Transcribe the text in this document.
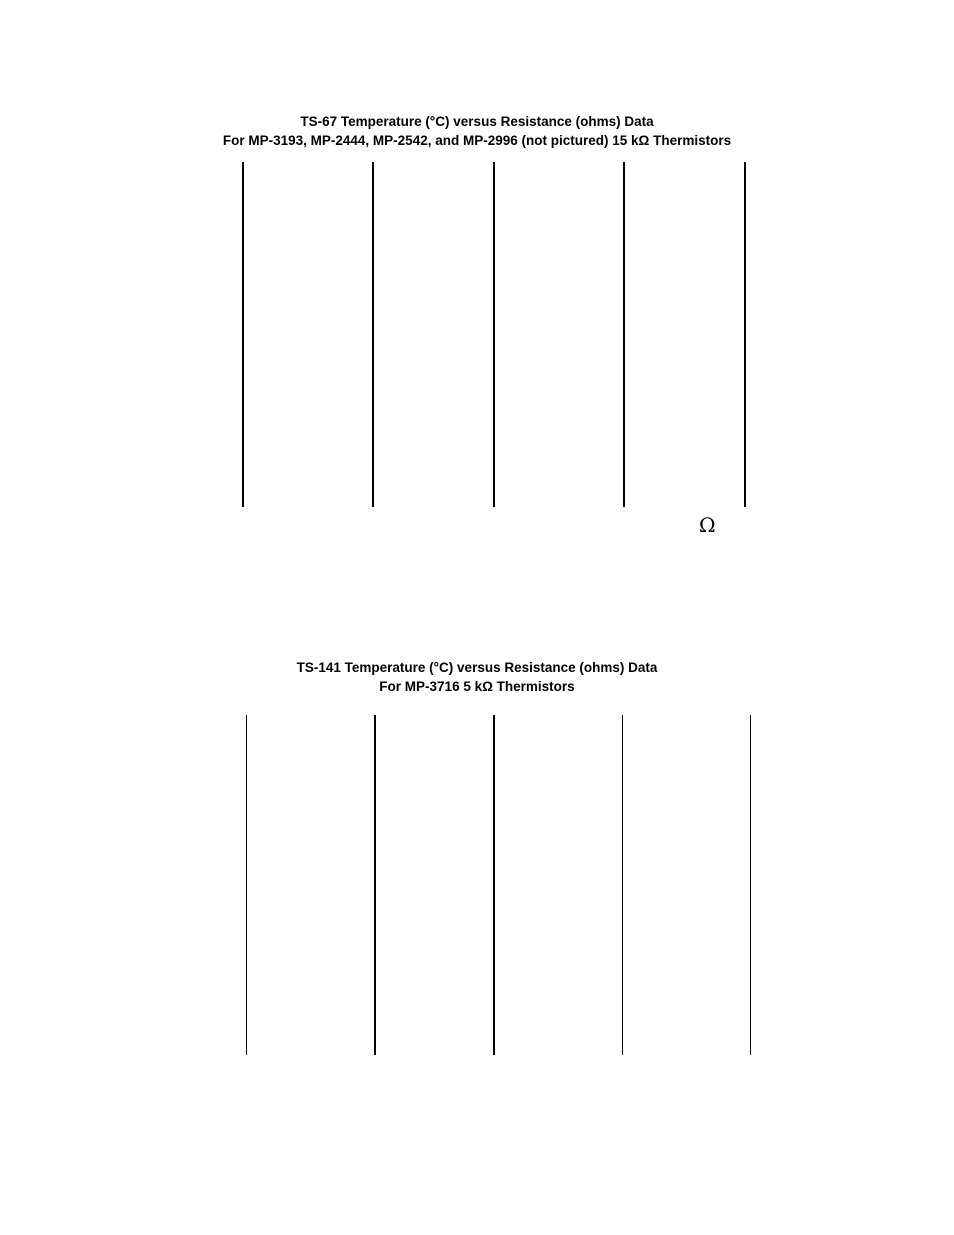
TS-67 Temperature (°C) versus Resistance (ohms) Data
For MP-3193, MP-2444, MP-2542, and MP-2996 (not pictured) 15 kΩ Thermistors
Ω
TS-141 Temperature (°C) versus Resistance (ohms) Data
For MP-3716 5 kΩ Thermistors
